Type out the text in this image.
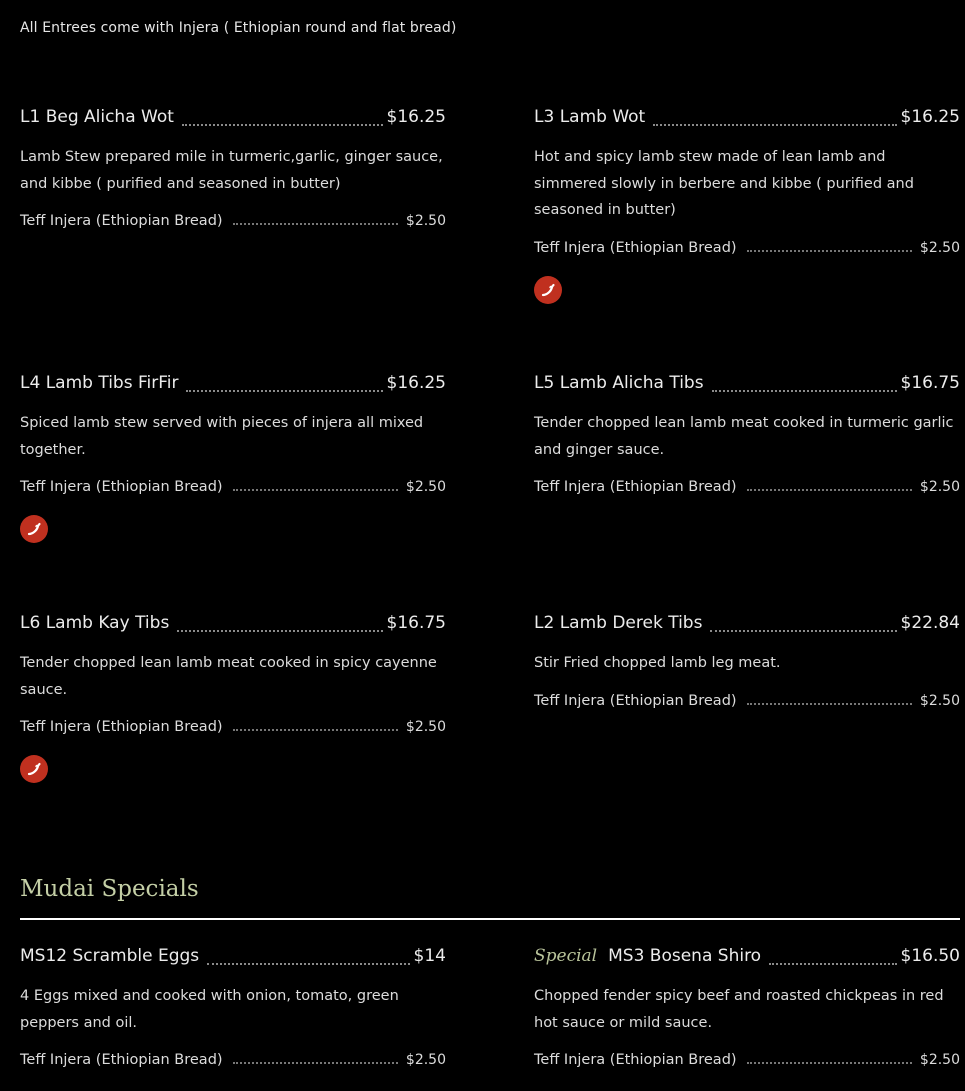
All Entrees come with Injera ( Ethiopian round and flat bread)
L1 Beg Alicha Wot	$16.25
Lamb Stew prepared mile in turmeric,garlic, ginger sauce, and kibbe ( purified and seasoned in butter)
Teff Injera (Ethiopian Bread)	$2.50
L3 Lamb Wot	$16.25
Hot and spicy lamb stew made of lean lamb and simmered slowly in berbere and kibbe ( purified and seasoned in butter)
Teff Injera (Ethiopian Bread)	$2.50
L4 Lamb Tibs FirFir	$16.25
Spiced lamb stew served with pieces of injera all mixed together.
Teff Injera (Ethiopian Bread)	$2.50
L5 Lamb Alicha Tibs	$16.75
Tender chopped lean lamb meat cooked in turmeric garlic and ginger sauce.
Teff Injera (Ethiopian Bread)	$2.50
L6 Lamb Kay Tibs	$16.75
Tender chopped lean lamb meat cooked in spicy cayenne sauce.
Teff Injera (Ethiopian Bread)	$2.50
L2 Lamb Derek Tibs	$22.84
Stir Fried chopped lamb leg meat.
Teff Injera (Ethiopian Bread)	$2.50
Mudai Specials
MS12 Scramble Eggs	$14
4 Eggs mixed and cooked with onion, tomato, green peppers and oil.
Teff Injera (Ethiopian Bread)	$2.50
Special MS3 Bosena Shiro	$16.50
Chopped fender spicy beef and roasted chickpeas in red hot sauce or mild sauce.
Teff Injera (Ethiopian Bread)	$2.50
